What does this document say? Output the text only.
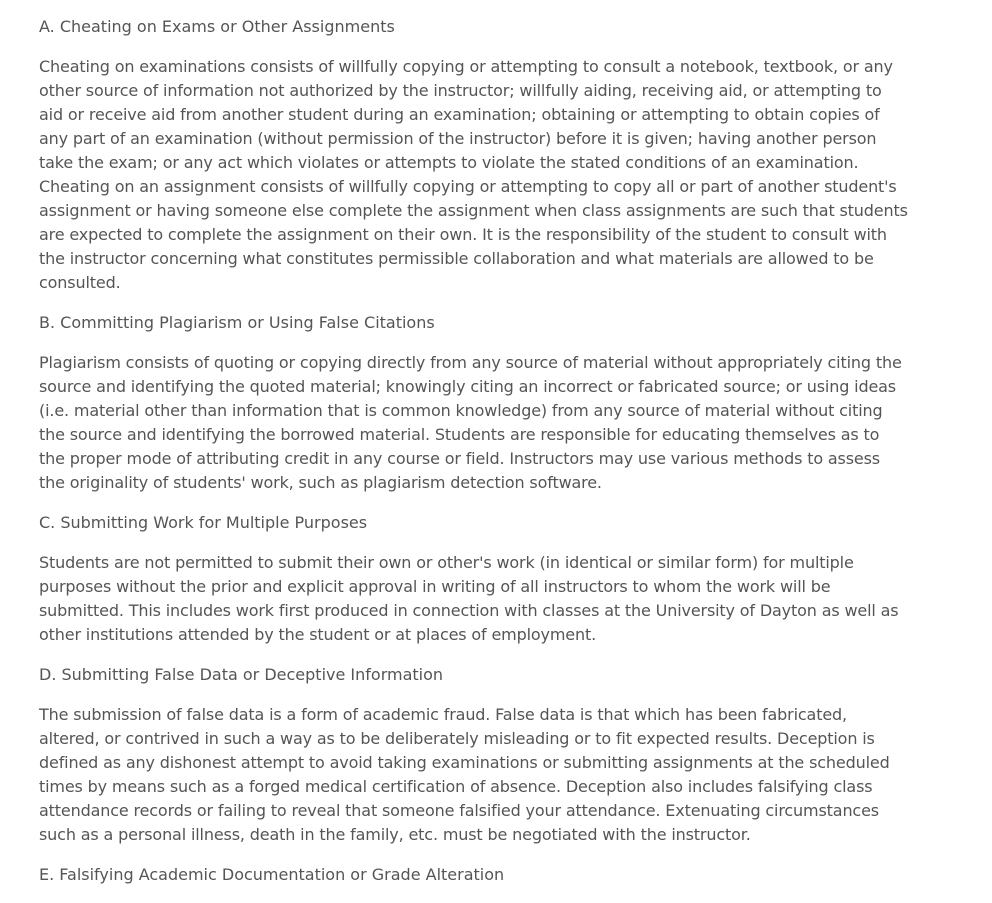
A. Cheating on Exams or Other Assignments

Cheating on examinations consists of willfully copying or attempting to consult a notebook, textbook, or any other source of information not authorized by the instructor; willfully aiding, receiving aid, or attempting to aid or receive aid from another student during an examination; obtaining or attempting to obtain copies of any part of an examination (without permission of the instructor) before it is given; having another person take the exam; or any act which violates or attempts to violate the stated conditions of an examination. Cheating on an assignment consists of willfully copying or attempting to copy all or part of another student's assignment or having someone else complete the assignment when class assignments are such that students are expected to complete the assignment on their own. It is the responsibility of the student to consult with the instructor concerning what constitutes permissible collaboration and what materials are allowed to be consulted.

B. Committing Plagiarism or Using False Citations

Plagiarism consists of quoting or copying directly from any source of material without appropriately citing the source and identifying the quoted material; knowingly citing an incorrect or fabricated source; or using ideas (i.e. material other than information that is common knowledge) from any source of material without citing the source and identifying the borrowed material. Students are responsible for educating themselves as to the proper mode of attributing credit in any course or field. Instructors may use various methods to assess the originality of students' work, such as plagiarism detection software.

C. Submitting Work for Multiple Purposes

Students are not permitted to submit their own or other's work (in identical or similar form) for multiple purposes without the prior and explicit approval in writing of all instructors to whom the work will be submitted. This includes work first produced in connection with classes at the University of Dayton as well as other institutions attended by the student or at places of employment.

D. Submitting False Data or Deceptive Information

The submission of false data is a form of academic fraud. False data is that which has been fabricated, altered, or contrived in such a way as to be deliberately misleading or to fit expected results. Deception is defined as any dishonest attempt to avoid taking examinations or submitting assignments at the scheduled times by means such as a forged medical certification of absence. Deception also includes falsifying class attendance records or failing to reveal that someone falsified your attendance. Extenuating circumstances such as a personal illness, death in the family, etc. must be negotiated with the instructor.

E. Falsifying Academic Documentation or Grade Alteration
